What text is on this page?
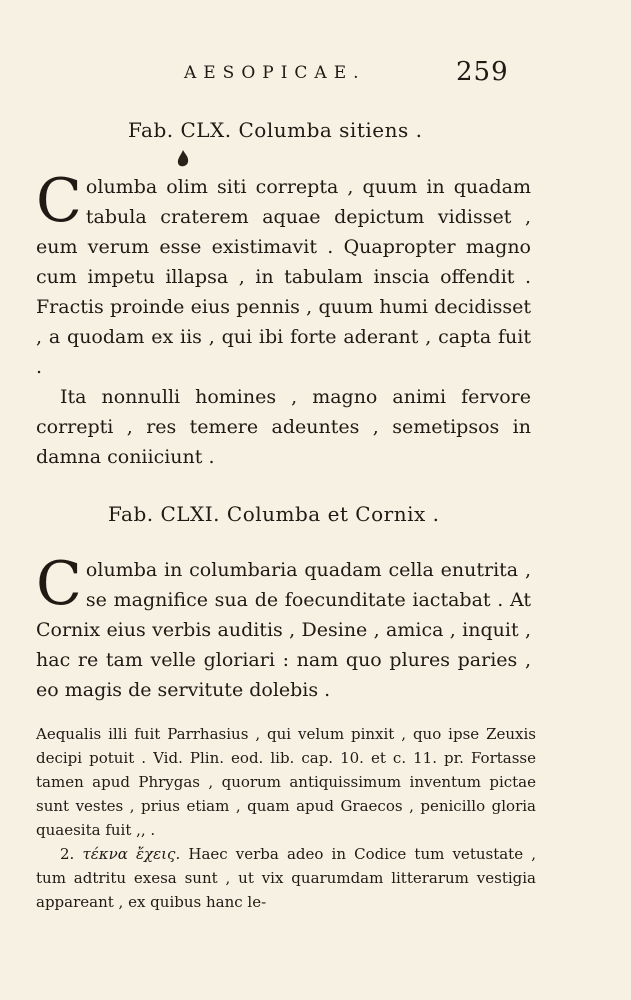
AESOPICAE.	259
Fab. CLX. Columba sitiens .

Columba olim siti correpta , quum in quadam tabula craterem aquae depictum vidisset , eum verum esse existimavit . Quapropter magno cum impetu illapsa , in tabulam inscia offendit . Fractis proinde eius pennis , quum humi decidisset , a quodam ex iis , qui ibi forte aderant , capta fuit .

Ita nonnulli homines , magno animi fervore correpti , res temere adeuntes , semetipsos in damna coniiciunt .

Fab. CLXI. Columba et Cornix .

Columba in columbaria quadam cella enutrita , se magnifice sua de foecunditate iactabat . At Cornix eius verbis auditis , Desine , amica , inquit , hac re tam velle gloriari : nam quo plures paries , eo magis de servitute dolebis .

Aequalis illi fuit Parrhasius , qui velum pinxit , quo ipse Zeuxis decipi potuit . Vid. Plin. eod. lib. cap. 10. et c. 11. pr. Fortasse tamen apud Phrygas , quorum antiquissimum inventum pictae sunt vestes , prius etiam , quam apud Graecos , penicillo gloria quaesita fuit ,, .

2. τέκνα ἔχεις. Haec verba adeo in Codice tum vetustate , tum adtritu exesa sunt , ut vix quarumdam litterarum vestigia appareant , ex quibus hanc le-
